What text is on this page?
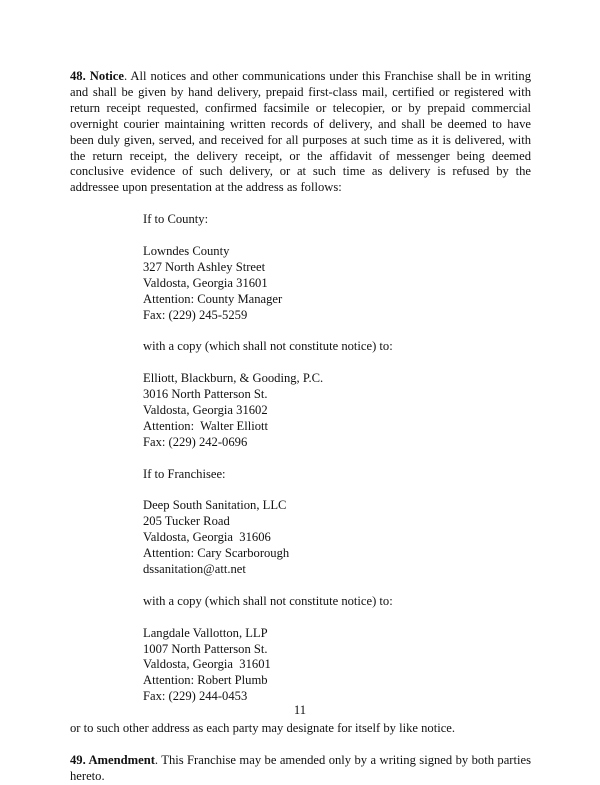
48. Notice. All notices and other communications under this Franchise shall be in writing and shall be given by hand delivery, prepaid first-class mail, certified or registered with return receipt requested, confirmed facsimile or telecopier, or by prepaid commercial overnight courier maintaining written records of delivery, and shall be deemed to have been duly given, served, and received for all purposes at such time as it is delivered, with the return receipt, the delivery receipt, or the affidavit of messenger being deemed conclusive evidence of such delivery, or at such time as delivery is refused by the addressee upon presentation at the address as follows:

If to County:

Lowndes County
327 North Ashley Street
Valdosta, Georgia 31601
Attention: County Manager
Fax: (229) 245-5259

with a copy (which shall not constitute notice) to:

Elliott, Blackburn, & Gooding, P.C.
3016 North Patterson St.
Valdosta, Georgia 31602
Attention:  Walter Elliott
Fax: (229) 242-0696

If to Franchisee:

Deep South Sanitation, LLC
205 Tucker Road
Valdosta, Georgia  31606
Attention: Cary Scarborough
dssanitation@att.net

with a copy (which shall not constitute notice) to:

Langdale Vallotton, LLP
1007 North Patterson St.
Valdosta, Georgia  31601
Attention: Robert Plumb
Fax: (229) 244-0453

or to such other address as each party may designate for itself by like notice.

49. Amendment. This Franchise may be amended only by a writing signed by both parties hereto.

11
